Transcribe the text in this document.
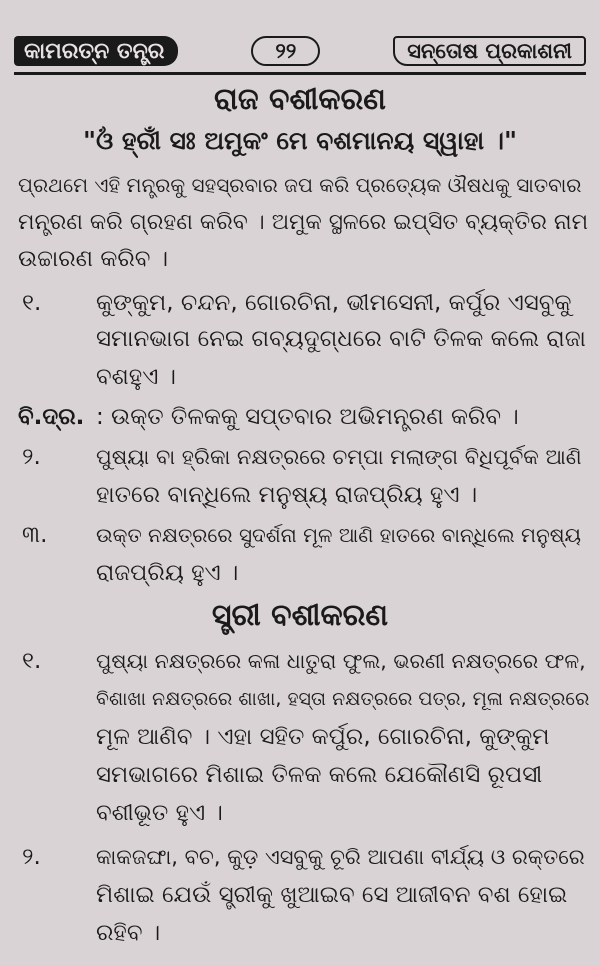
କାମରତ୍ନ ତନ୍ତ୍ର	୨୨	ସନ୍ତୋଷ ପ୍ରକାଶନୀ
ରାଜ ବଶୀକରଣ
"ଓଁ ହ୍ରୀଁ ସଃ ଅମୁକଂ ମେ ବଶମାନୟ ସ୍ୱାହା ।"
ପ୍ରଥମେ ଏହି ମନ୍ତ୍ରକୁ ସହସ୍ରବାର ଜପ କରି ପ୍ରତ୍ୟେକ ଔଷଧକୁ ସାତବାର
ମନ୍ତ୍ରଣ କରି ଗ୍ରହଣ କରିବ । ଅମୁକ ସ୍ଥଳରେ ଇପ୍ସିତ ବ୍ୟକ୍ତିର ନାମ
ଉଚ୍ଚାରଣ କରିବ ।
୧. କୁଙ୍କୁମ, ଚନ୍ଦନ, ଗୋରଚିନା, ଭୀମସେନୀ, କର୍ପୁର ଏସବୁକୁ
ସମାନଭାଗ ନେଇ ଗବ୍ୟଦୁଗ୍ଧରେ ବାଟି ତିଳକ କଲେ ରାଜା
ବଶହୁଏ ।
ବି.ଦ୍ର. : ଉକ୍ତ ତିଳକକୁ ସପ୍ତବାର ଅଭିମନ୍ତ୍ରଣ କରିବ ।
୨.	ପୁଷ୍ୟା ବା ହ୍ରିକା ନକ୍ଷତ୍ରରେ ଚମ୍ପା ମଲାଙ୍ଗ ବିଧିପୂର୍ବକ ଆଣି
ହାତରେ ବାନ୍ଧିଲେ ମନୁଷ୍ୟ ରାଜପ୍ରିୟ ହୁଏ ।
୩. ଉକ୍ତ ନକ୍ଷତ୍ରରେ ସୁଦର୍ଶନା ମୂଳ ଆଣି ହାତରେ ବାନ୍ଧିଲେ ମନୁଷ୍ୟ
ରାଜପ୍ରିୟ ହୁଏ ।
ସ୍ତ୍ରୀ ବଶୀକରଣ
୧.	ପୁଷ୍ୟା ନକ୍ଷତ୍ରରେ କଳା ଧାତୁରା ଫୁଲ, ଭରଣୀ ନକ୍ଷତ୍ରରେ ଫଳ,
ବିଶାଖା ନକ୍ଷତ୍ରରେ ଶାଖା, ହସ୍ତା ନକ୍ଷତ୍ରରେ ପତ୍ର, ମୂଳା ନକ୍ଷତ୍ରରେ
ମୂଳ ଆଣିବ । ଏହା ସହିତ କର୍ପୁର, ଗୋରଚିନା, କୁଙ୍କୁମ
ସମଭାଗରେ ମିଶାଇ ତିଳକ କଲେ ଯେକୌଣସି ରୂପସୀ
ବଶୀଭୂତ ହୁଏ ।
୨.	କାକଜଙ୍ଘା, ବଚ, କୁଡ଼ ଏସବୁକୁ ଚୂରି ଆପଣା ବୀର୍ଯ୍ୟ ଓ ରକ୍ତରେ
ମିଶାଇ ଯେଉଁ ସ୍ତ୍ରୀକୁ ଖୁଆଇବ ସେ ଆଜୀବନ ବଶ ହୋଇ
ରହିବ ।
